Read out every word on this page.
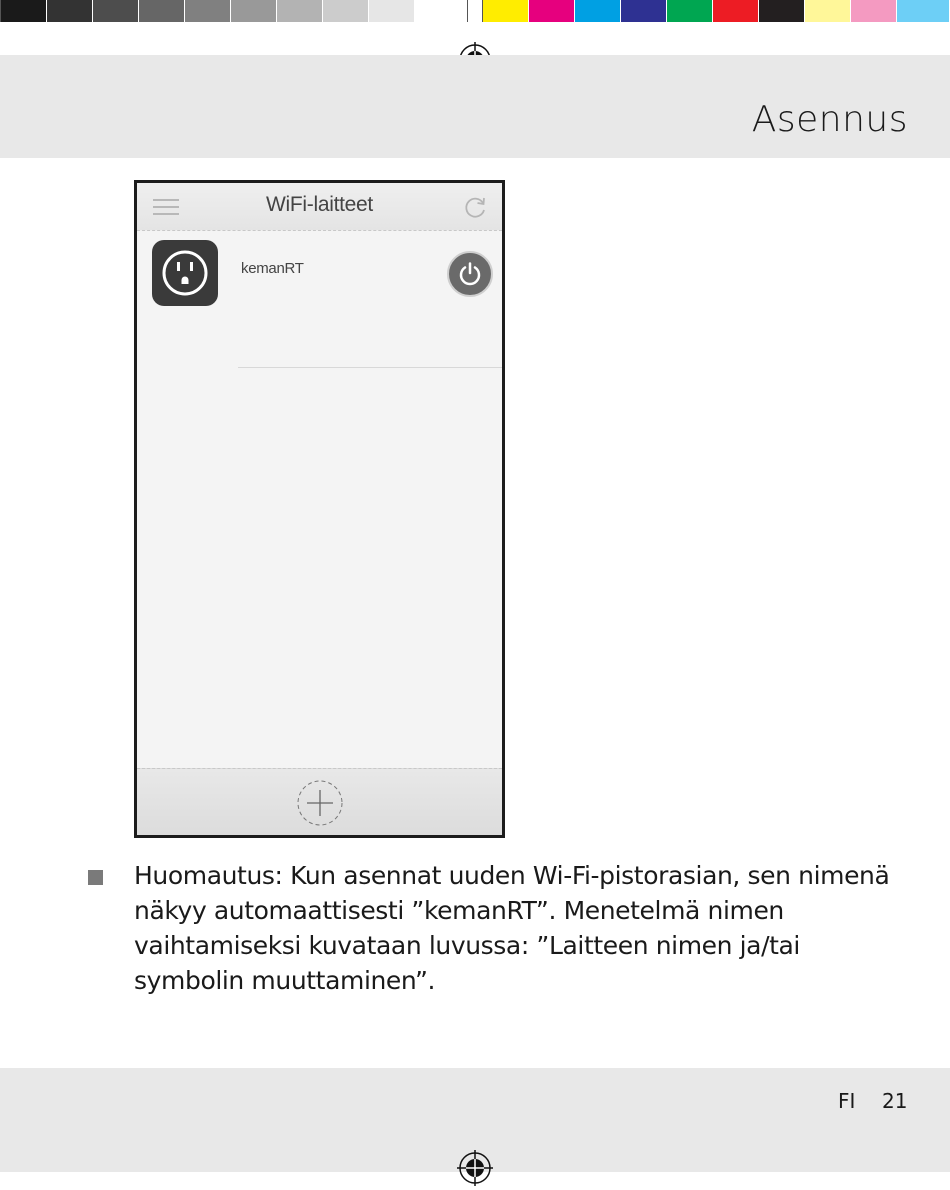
Asennus
WiFi-laitteet
kemanRT
Huomautus: Kun asennat uuden Wi-Fi-pistorasian, sen nimenä näkyy automaattisesti ”kemanRT”. Menetelmä nimen vaihtamiseksi kuvataan luvussa: ”Laitteen nimen ja/tai symbolin muuttaminen”.
FI 21
